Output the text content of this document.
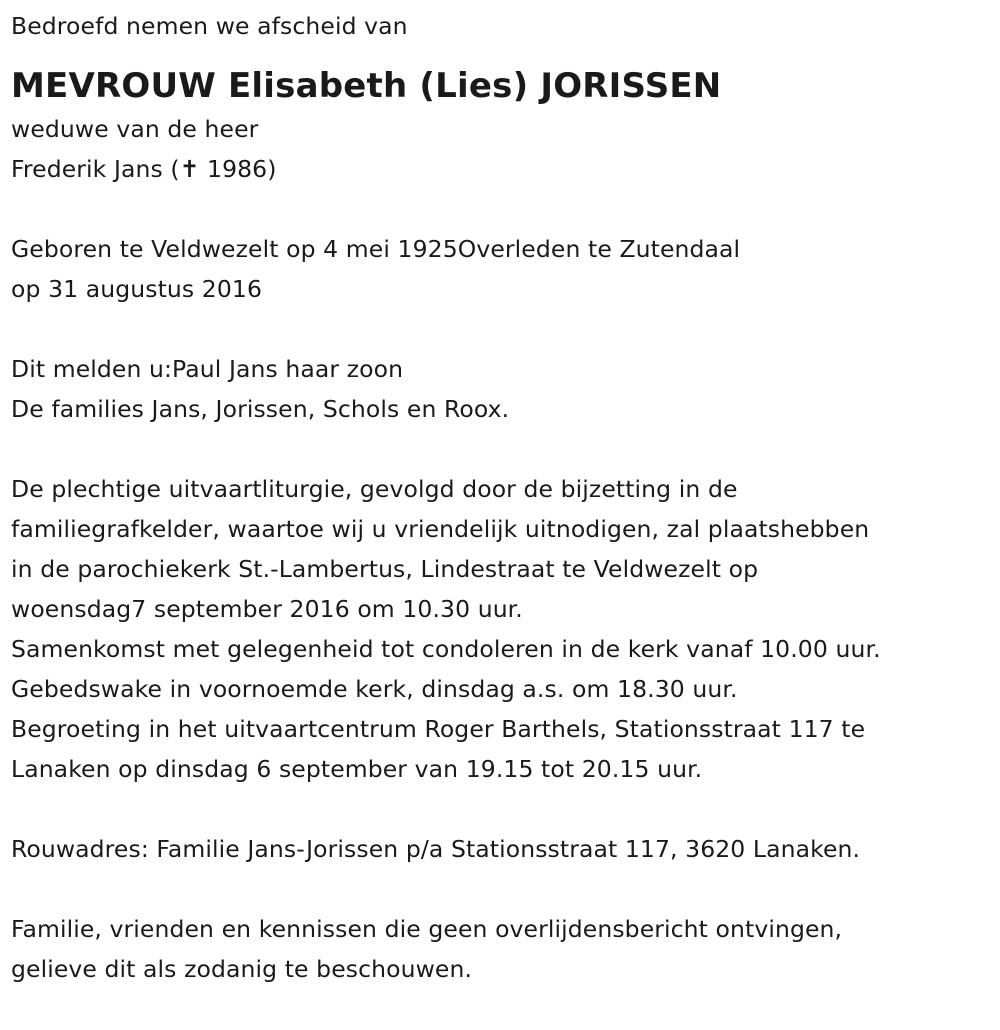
Bedroefd nemen we afscheid van
MEVROUW Elisabeth (Lies) JORISSEN
weduwe van de heer
Frederik Jans (✝ 1986)
Geboren te Veldwezelt op 4 mei 1925Overleden te Zutendaal
op 31 augustus 2016
Dit melden u:Paul Jans haar zoon
De families Jans, Jorissen, Schols en Roox.
De plechtige uitvaartliturgie, gevolgd door de bijzetting in de
familiegrafkelder, waartoe wij u vriendelijk uitnodigen, zal plaatshebben
in de parochiekerk St.-Lambertus, Lindestraat te Veldwezelt op
woensdag7 september 2016 om 10.30 uur.
Samenkomst met gelegenheid tot condoleren in de kerk vanaf 10.00 uur.
Gebedswake in voornoemde kerk, dinsdag a.s. om 18.30 uur.
Begroeting in het uitvaartcentrum Roger Barthels, Stationsstraat 117 te
Lanaken op dinsdag 6 september van 19.15 tot 20.15 uur.
Rouwadres: Familie Jans-Jorissen p/a Stationsstraat 117, 3620 Lanaken.
Familie, vrienden en kennissen die geen overlijdensbericht ontvingen,
gelieve dit als zodanig te beschouwen.
